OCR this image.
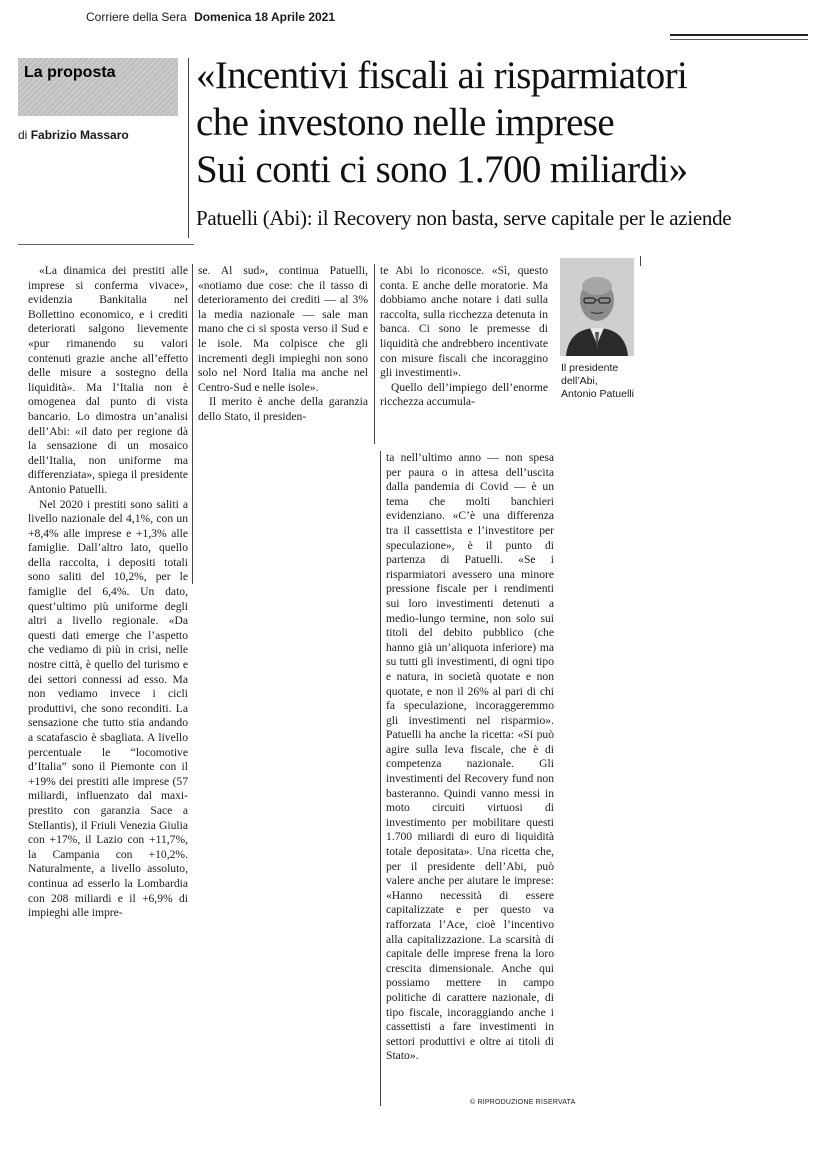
Corriere della Sera Domenica 18 Aprile 2021
La proposta
di Fabrizio Massaro
«Incentivi fiscali ai risparmiatori
che investono nelle imprese
Sui conti ci sono 1.700 miliardi»
Patuelli (Abi): il Recovery non basta, serve capitale per le aziende

«La dinamica dei prestiti alle imprese si conferma vivace», evidenzia Bankitalia nel Bollettino economico, e i crediti deteriorati salgono lievemente «pur rimanendo su valori contenuti grazie anche all’effetto delle misure a sostegno della liquidità». Ma l’Italia non è omogenea dal punto di vista bancario. Lo dimostra un’analisi dell’Abi: «il dato per regione dà la sensazione di un mosaico dell’Italia, non uniforme ma differenziata», spiega il presidente Antonio Patuelli.

Nel 2020 i prestiti sono saliti a livello nazionale del 4,1%, con un +8,4% alle imprese e +1,3% alle famiglie. Dall’altro lato, quello della raccolta, i depositi totali sono saliti del 10,2%, per le famiglie del 6,4%. Un dato, quest’ultimo più uniforme degli altri a livello regionale. «Da questi dati emerge che l’aspetto che vediamo di più in crisi, nelle nostre città, è quello del turismo e dei settori connessi ad esso. Ma non vediamo invece i cicli produttivi, che sono reconditi. La sensazione che tutto stia andando a scatafascio è sbagliata. A livello percentuale le “locomotive d’Italia” sono il Piemonte con il +19% dei prestiti alle imprese (57 miliardi, influenzato dal maxi-prestito con garanzia Sace a Stellantis), il Friuli Venezia Giulia con +17%, il Lazio con +11,7%, la Campania con +10,2%. Naturalmente, a livello assoluto, continua ad esserlo la Lombardia con 208 miliardi e il +6,9% di impieghi alle impre-

se. Al sud», continua Patuelli, «notiamo due cose: che il tasso di deterioramento dei crediti — al 3% la media nazionale — sale man mano che ci si sposta verso il Sud e le isole. Ma colpisce che gli incrementi degli impieghi non sono solo nel Nord Italia ma anche nel Centro-Sud e nelle isole».

Il merito è anche della garanzia dello Stato, il presiden-

te Abi lo riconosce. «Sì, questo conta. E anche delle moratorie. Ma dobbiamo anche notare i dati sulla raccolta, sulla ricchezza detenuta in banca. Ci sono le premesse di liquidità che andrebbero incentivate con misure fiscali che incoraggino gli investimenti».

Quello dell’impiego dell’enorme ricchezza accumula-

Il presidente
dell’Abi,
Antonio Patuelli

ta nell’ultimo anno — non spesa per paura o in attesa dell’uscita dalla pandemia di Covid — è un tema che molti banchieri evidenziano. «C’è una differenza tra il cassettista e l’investitore per speculazione», è il punto di partenza di Patuelli. «Se i risparmiatori avessero una minore pressione fiscale per i rendimenti sui loro investimenti detenuti a medio-lungo termine, non solo sui titoli del debito pubblico (che hanno già un’aliquota inferiore) ma su tutti gli investimenti, di ogni tipo e natura, in società quotate e non quotate, e non il 26% al pari di chi fa speculazione, incoraggeremmo gli investimenti nel risparmio». Patuelli ha anche la ricetta: «Si può agire sulla leva fiscale, che è di competenza nazionale. Gli investimenti del Recovery fund non basteranno. Quindi vanno messi in moto circuiti virtuosi di investimento per mobilitare questi 1.700 miliardi di euro di liquidità totale depositata». Una ricetta che, per il presidente dell’Abi, può valere anche per aiutare le imprese: «Hanno necessità di essere capitalizzate e per questo va rafforzata l’Ace, cioè l’incentivo alla capitalizzazione. La scarsità di capitale delle imprese frena la loro crescita dimensionale. Anche qui possiamo mettere in campo politiche di carattere nazionale, di tipo fiscale, incoraggiando anche i cassettisti a fare investimenti in settori produttivi e oltre ai titoli di Stato».

© RIPRODUZIONE RISERVATA
